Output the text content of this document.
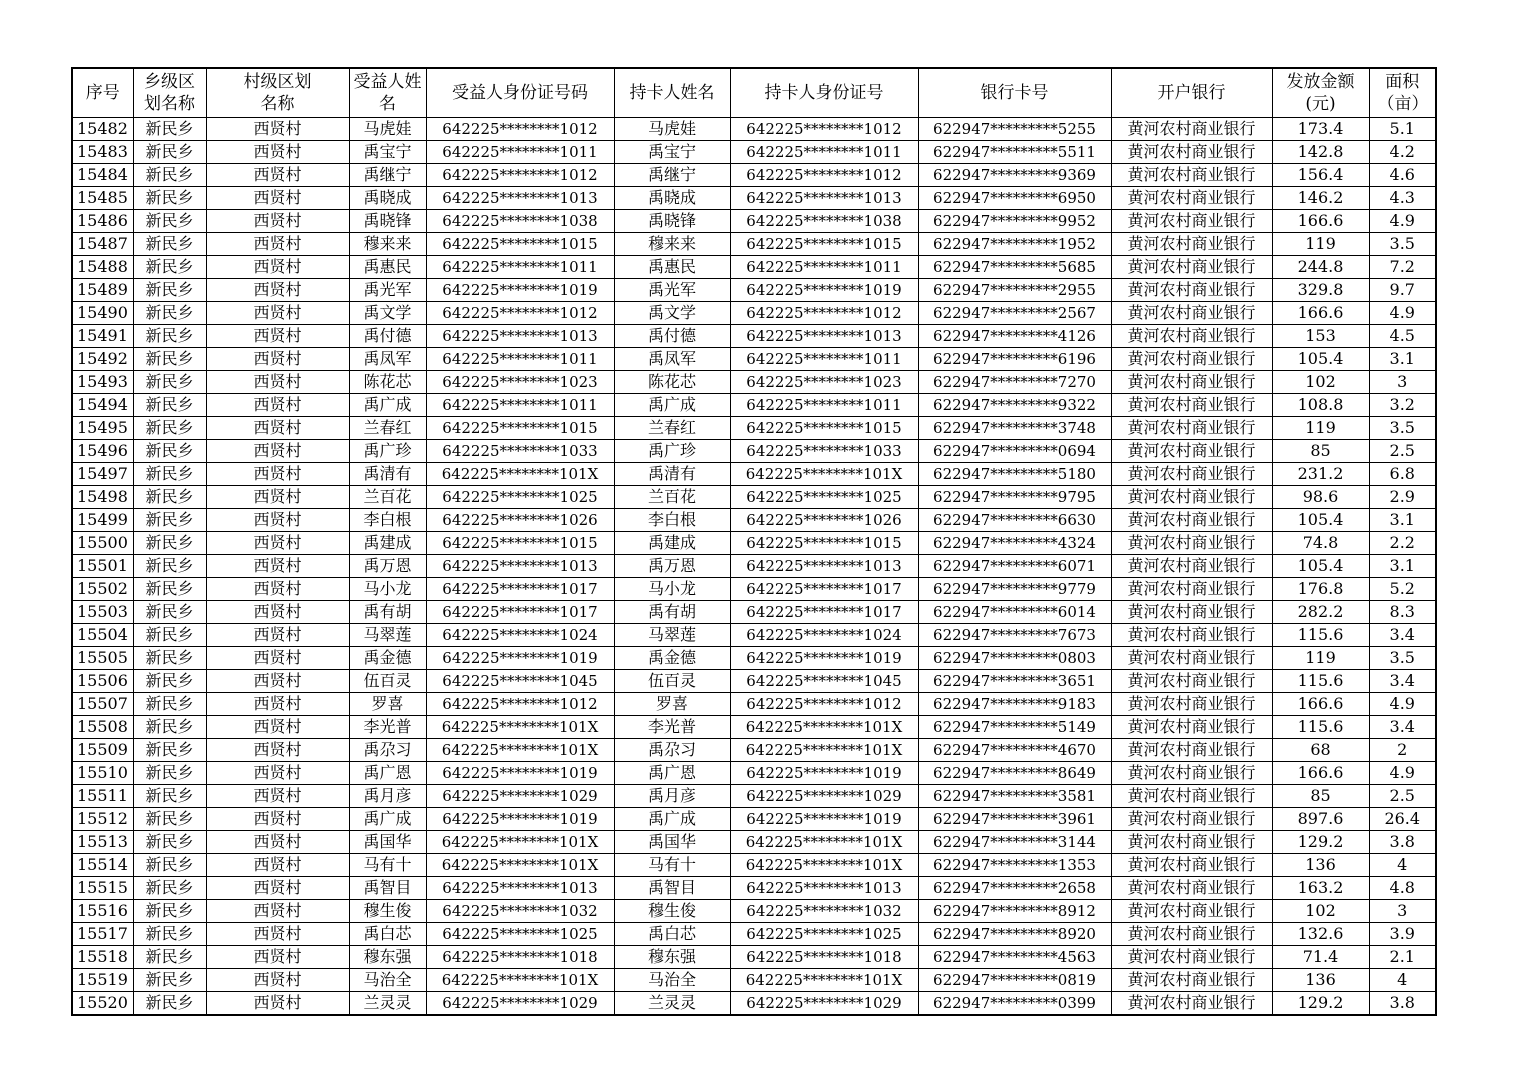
序号	乡级区划名称	村级区划名称	受益人姓名	受益人身份证号码	持卡人姓名	持卡人身份证号	银行卡号	开户银行	发放金额(元)	面积（亩）
15482	新民乡	西贤村	马虎娃	642225********1012	马虎娃	642225********1012	622947*********5255	黄河农村商业银行	173.4	5.1
15483	新民乡	西贤村	禹宝宁	642225********1011	禹宝宁	642225********1011	622947*********5511	黄河农村商业银行	142.8	4.2
15484	新民乡	西贤村	禹继宁	642225********1012	禹继宁	642225********1012	622947*********9369	黄河农村商业银行	156.4	4.6
15485	新民乡	西贤村	禹晓成	642225********1013	禹晓成	642225********1013	622947*********6950	黄河农村商业银行	146.2	4.3
15486	新民乡	西贤村	禹晓锋	642225********1038	禹晓锋	642225********1038	622947*********9952	黄河农村商业银行	166.6	4.9
15487	新民乡	西贤村	穆来来	642225********1015	穆来来	642225********1015	622947*********1952	黄河农村商业银行	119	3.5
15488	新民乡	西贤村	禹惠民	642225********1011	禹惠民	642225********1011	622947*********5685	黄河农村商业银行	244.8	7.2
15489	新民乡	西贤村	禹光军	642225********1019	禹光军	642225********1019	622947*********2955	黄河农村商业银行	329.8	9.7
15490	新民乡	西贤村	禹文学	642225********1012	禹文学	642225********1012	622947*********2567	黄河农村商业银行	166.6	4.9
15491	新民乡	西贤村	禹付德	642225********1013	禹付德	642225********1013	622947*********4126	黄河农村商业银行	153	4.5
15492	新民乡	西贤村	禹凤军	642225********1011	禹凤军	642225********1011	622947*********6196	黄河农村商业银行	105.4	3.1
15493	新民乡	西贤村	陈花芯	642225********1023	陈花芯	642225********1023	622947*********7270	黄河农村商业银行	102	3
15494	新民乡	西贤村	禹广成	642225********1011	禹广成	642225********1011	622947*********9322	黄河农村商业银行	108.8	3.2
15495	新民乡	西贤村	兰春红	642225********1015	兰春红	642225********1015	622947*********3748	黄河农村商业银行	119	3.5
15496	新民乡	西贤村	禹广珍	642225********1033	禹广珍	642225********1033	622947*********0694	黄河农村商业银行	85	2.5
15497	新民乡	西贤村	禹清有	642225********101X	禹清有	642225********101X	622947*********5180	黄河农村商业银行	231.2	6.8
15498	新民乡	西贤村	兰百花	642225********1025	兰百花	642225********1025	622947*********9795	黄河农村商业银行	98.6	2.9
15499	新民乡	西贤村	李白根	642225********1026	李白根	642225********1026	622947*********6630	黄河农村商业银行	105.4	3.1
15500	新民乡	西贤村	禹建成	642225********1015	禹建成	642225********1015	622947*********4324	黄河农村商业银行	74.8	2.2
15501	新民乡	西贤村	禹万恩	642225********1013	禹万恩	642225********1013	622947*********6071	黄河农村商业银行	105.4	3.1
15502	新民乡	西贤村	马小龙	642225********1017	马小龙	642225********1017	622947*********9779	黄河农村商业银行	176.8	5.2
15503	新民乡	西贤村	禹有胡	642225********1017	禹有胡	642225********1017	622947*********6014	黄河农村商业银行	282.2	8.3
15504	新民乡	西贤村	马翠莲	642225********1024	马翠莲	642225********1024	622947*********7673	黄河农村商业银行	115.6	3.4
15505	新民乡	西贤村	禹金德	642225********1019	禹金德	642225********1019	622947*********0803	黄河农村商业银行	119	3.5
15506	新民乡	西贤村	伍百灵	642225********1045	伍百灵	642225********1045	622947*********3651	黄河农村商业银行	115.6	3.4
15507	新民乡	西贤村	罗喜	642225********1012	罗喜	642225********1012	622947*********9183	黄河农村商业银行	166.6	4.9
15508	新民乡	西贤村	李光普	642225********101X	李光普	642225********101X	622947*********5149	黄河农村商业银行	115.6	3.4
15509	新民乡	西贤村	禹尕习	642225********101X	禹尕习	642225********101X	622947*********4670	黄河农村商业银行	68	2
15510	新民乡	西贤村	禹广恩	642225********1019	禹广恩	642225********1019	622947*********8649	黄河农村商业银行	166.6	4.9
15511	新民乡	西贤村	禹月彦	642225********1029	禹月彦	642225********1029	622947*********3581	黄河农村商业银行	85	2.5
15512	新民乡	西贤村	禹广成	642225********1019	禹广成	642225********1019	622947*********3961	黄河农村商业银行	897.6	26.4
15513	新民乡	西贤村	禹国华	642225********101X	禹国华	642225********101X	622947*********3144	黄河农村商业银行	129.2	3.8
15514	新民乡	西贤村	马有十	642225********101X	马有十	642225********101X	622947*********1353	黄河农村商业银行	136	4
15515	新民乡	西贤村	禹智目	642225********1013	禹智目	642225********1013	622947*********2658	黄河农村商业银行	163.2	4.8
15516	新民乡	西贤村	穆生俊	642225********1032	穆生俊	642225********1032	622947*********8912	黄河农村商业银行	102	3
15517	新民乡	西贤村	禹白芯	642225********1025	禹白芯	642225********1025	622947*********8920	黄河农村商业银行	132.6	3.9
15518	新民乡	西贤村	穆东强	642225********1018	穆东强	642225********1018	622947*********4563	黄河农村商业银行	71.4	2.1
15519	新民乡	西贤村	马治全	642225********101X	马治全	642225********101X	622947*********0819	黄河农村商业银行	136	4
15520	新民乡	西贤村	兰灵灵	642225********1029	兰灵灵	642225********1029	622947*********0399	黄河农村商业银行	129.2	3.8
